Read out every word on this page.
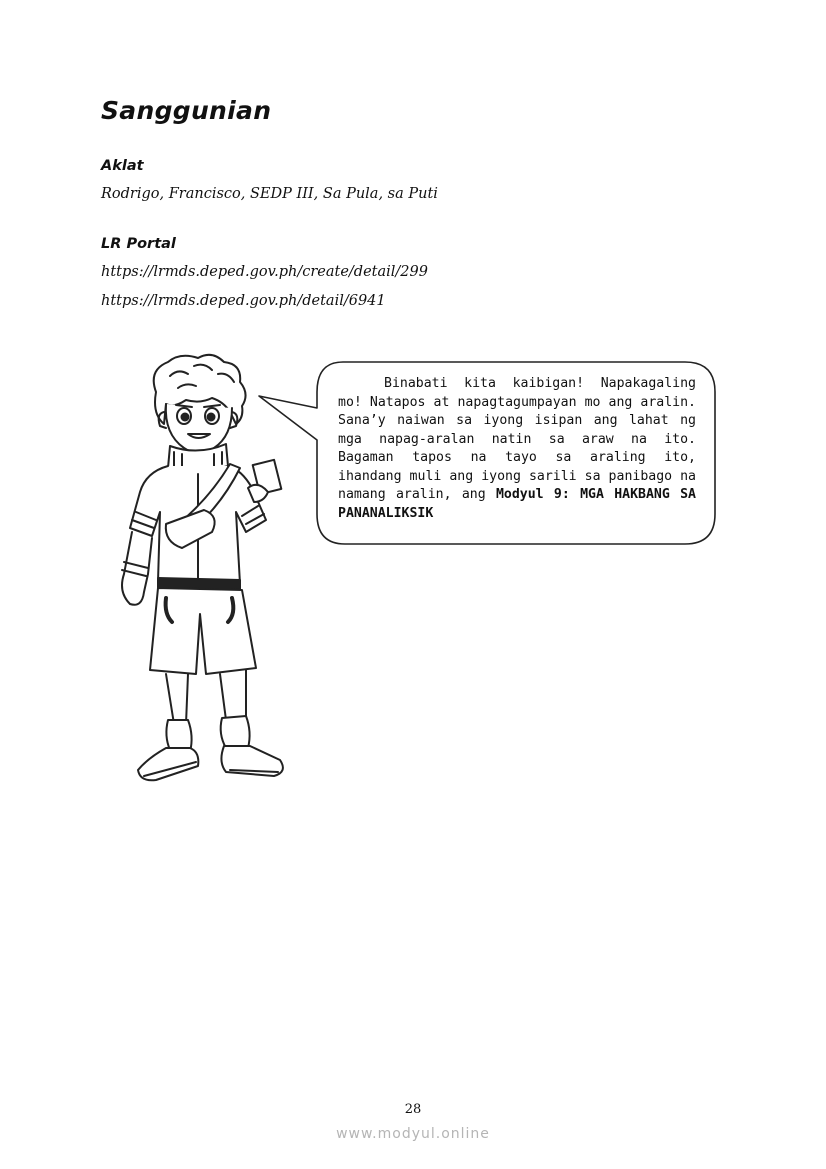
Sanggunian
Aklat
Rodrigo, Francisco, SEDP III, Sa Pula, sa Puti
LR Portal
https://lrmds.deped.gov.ph/create/detail/299
https://lrmds.deped.gov.ph/detail/6941
Binabati kita kaibigan! Napakagaling mo! Natapos at napagtagumpayan mo ang aralin. Sana’y naiwan sa iyong isipan ang lahat ng mga napag-aralan natin sa araw na ito. Bagaman tapos na tayo sa araling ito, ihandang muli ang iyong sarili sa panibago na namang aralin, ang Modyul 9: MGA HAKBANG SA PANANALIKSIK
28
www.modyul.online
